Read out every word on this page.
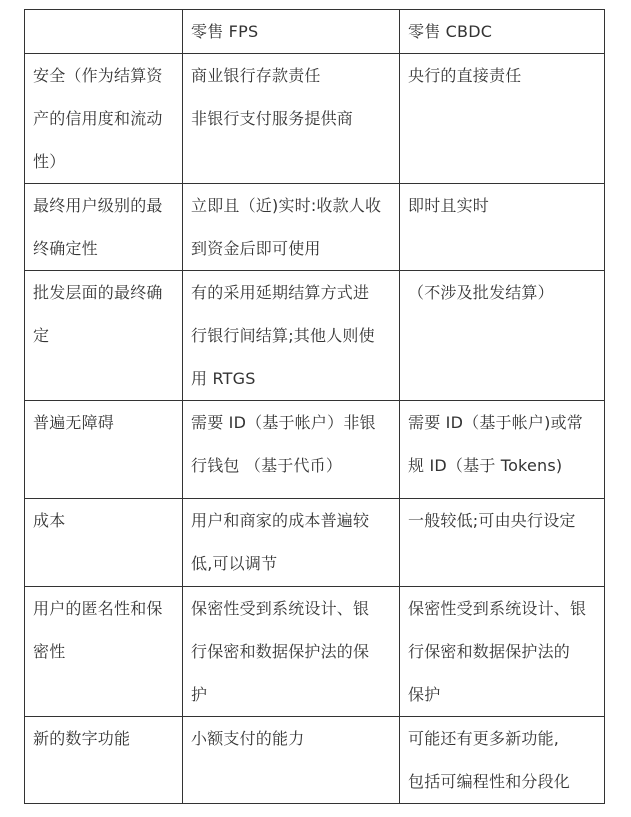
	零售 FPS	零售 CBDC

安全（作为结算资
产的信用度和流动
性）	商业银行存款责任
非银行支付服务提供商	央行的直接责任

最终用户级别的最
终确定性	立即且（近)实时:收款人收
到资金后即可使用	即时且实时

批发层面的最终确
定	有的采用延期结算方式进
行银行间结算;其他人则使
用 RTGS	（不涉及批发结算）

普遍无障碍	需要 ID（基于帐户）非银
行钱包 （基于代币）	需要 ID（基于帐户)或常
规 ID（基于 Tokens)

成本	用户和商家的成本普遍较
低,可以调节	一般较低;可由央行设定

用户的匿名性和保
密性	保密性受到系统设计、银
行保密和数据保护法的保
护	保密性受到系统设计、银
行保密和数据保护法的
保护

新的数字功能	小额支付的能力	可能还有更多新功能,
包括可编程性和分段化
